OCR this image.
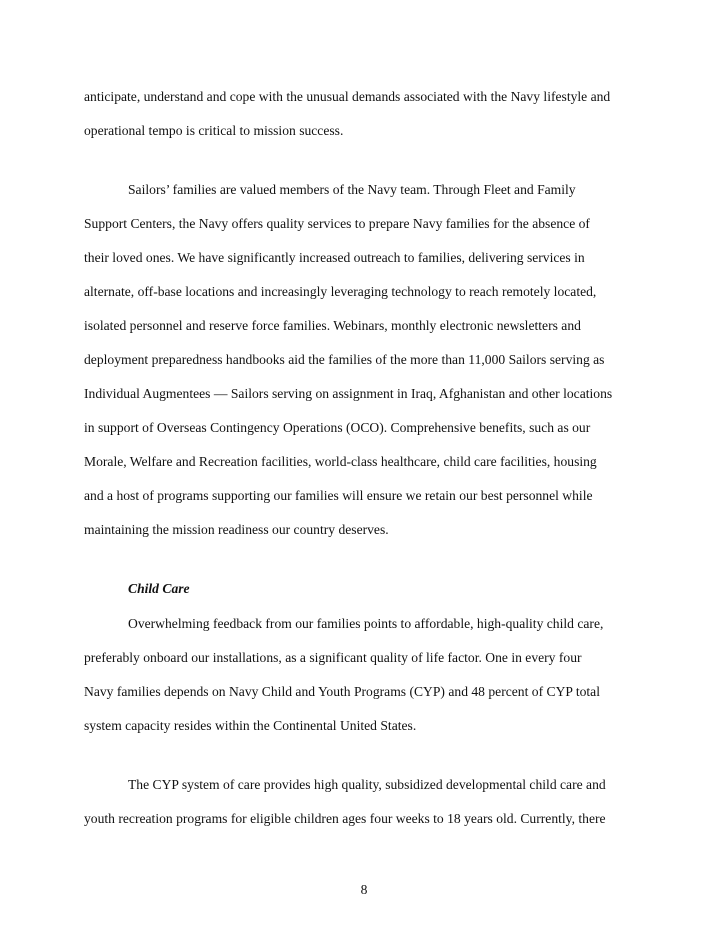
anticipate, understand and cope with the unusual demands associated with the Navy lifestyle and
operational tempo is critical to mission success.
Sailors’ families are valued members of the Navy team. Through Fleet and Family
Support Centers, the Navy offers quality services to prepare Navy families for the absence of
their loved ones. We have significantly increased outreach to families, delivering services in
alternate, off-base locations and increasingly leveraging technology to reach remotely located,
isolated personnel and reserve force families. Webinars, monthly electronic newsletters and
deployment preparedness handbooks aid the families of the more than 11,000 Sailors serving as
Individual Augmentees — Sailors serving on assignment in Iraq, Afghanistan and other locations
in support of Overseas Contingency Operations (OCO). Comprehensive benefits, such as our
Morale, Welfare and Recreation facilities, world-class healthcare, child care facilities, housing
and a host of programs supporting our families will ensure we retain our best personnel while
maintaining the mission readiness our country deserves.
Child Care
Overwhelming feedback from our families points to affordable, high-quality child care,
preferably onboard our installations, as a significant quality of life factor. One in every four
Navy families depends on Navy Child and Youth Programs (CYP) and 48 percent of CYP total
system capacity resides within the Continental United States.
The CYP system of care provides high quality, subsidized developmental child care and
youth recreation programs for eligible children ages four weeks to 18 years old. Currently, there
8
